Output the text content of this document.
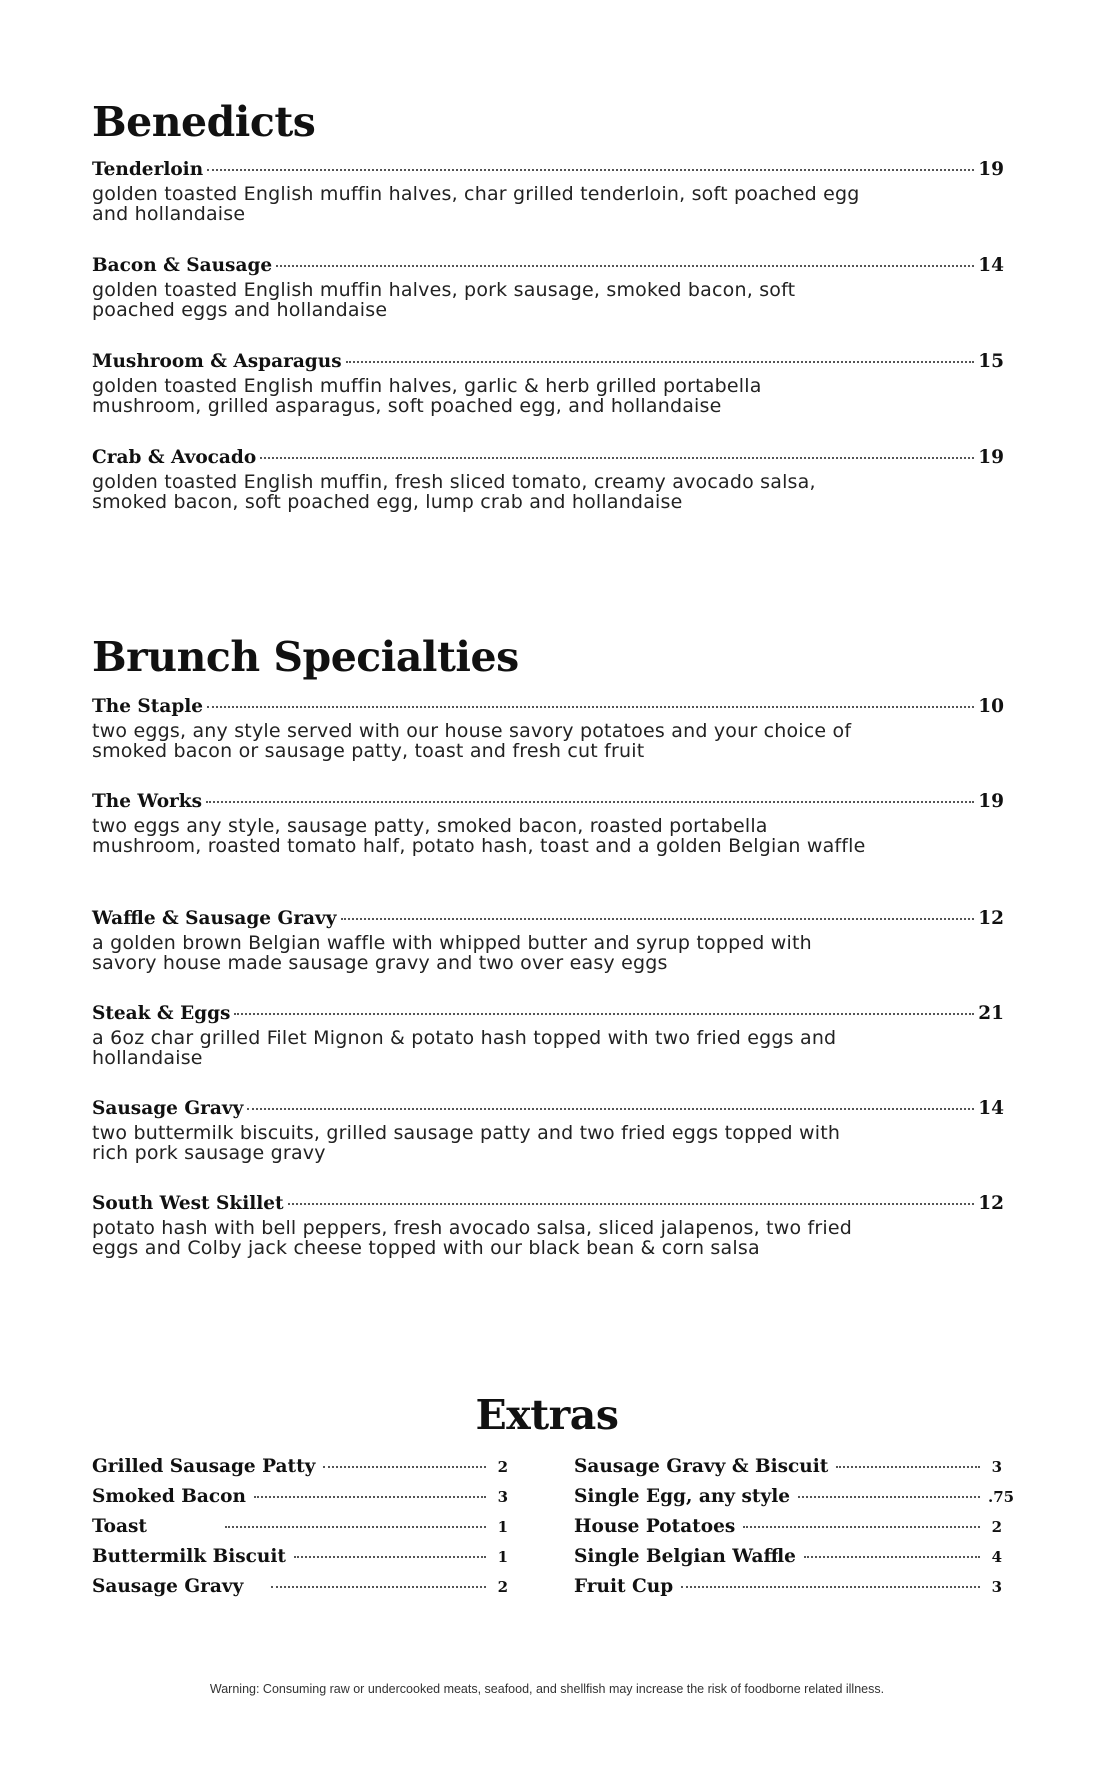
Benedicts
Tenderloin	19
golden toasted English muffin halves, char grilled tenderloin, soft poached egg and hollandaise
Bacon & Sausage	14
golden toasted English muffin halves, pork sausage, smoked bacon, soft poached eggs and hollandaise
Mushroom & Asparagus	15
golden toasted English muffin halves, garlic & herb grilled portabella mushroom, grilled asparagus, soft poached egg, and hollandaise
Crab & Avocado	19
golden toasted English muffin, fresh sliced tomato, creamy avocado salsa, smoked bacon, soft poached egg, lump crab and hollandaise
Brunch Specialties
The Staple	10
two eggs, any style served with our house savory potatoes and your choice of smoked bacon or sausage patty, toast and fresh cut fruit
The Works	19
two eggs any style, sausage patty, smoked bacon, roasted portabella mushroom, roasted tomato half, potato hash, toast and a golden Belgian waffle
Waffle & Sausage Gravy	12
a golden brown Belgian waffle with whipped butter and syrup topped with savory house made sausage gravy and two over easy eggs
Steak & Eggs	21
a 6oz char grilled Filet Mignon & potato hash topped with two fried eggs and hollandaise
Sausage Gravy	14
two buttermilk biscuits, grilled sausage patty and two fried eggs topped with rich pork sausage gravy
South West Skillet	12
potato hash with bell peppers, fresh avocado salsa, sliced jalapenos, two fried eggs and Colby jack cheese topped with our black bean & corn salsa
Extras
Grilled Sausage Patty	2
Smoked Bacon	3
Toast	1
Buttermilk Biscuit	1
Sausage Gravy	2
Sausage Gravy & Biscuit	3
Single Egg, any style	.75
House Potatoes	2
Single Belgian Waffle	4
Fruit Cup	3

Warning: Consuming raw or undercooked meats, seafood, and shellfish may increase the risk of foodborne related illness.
